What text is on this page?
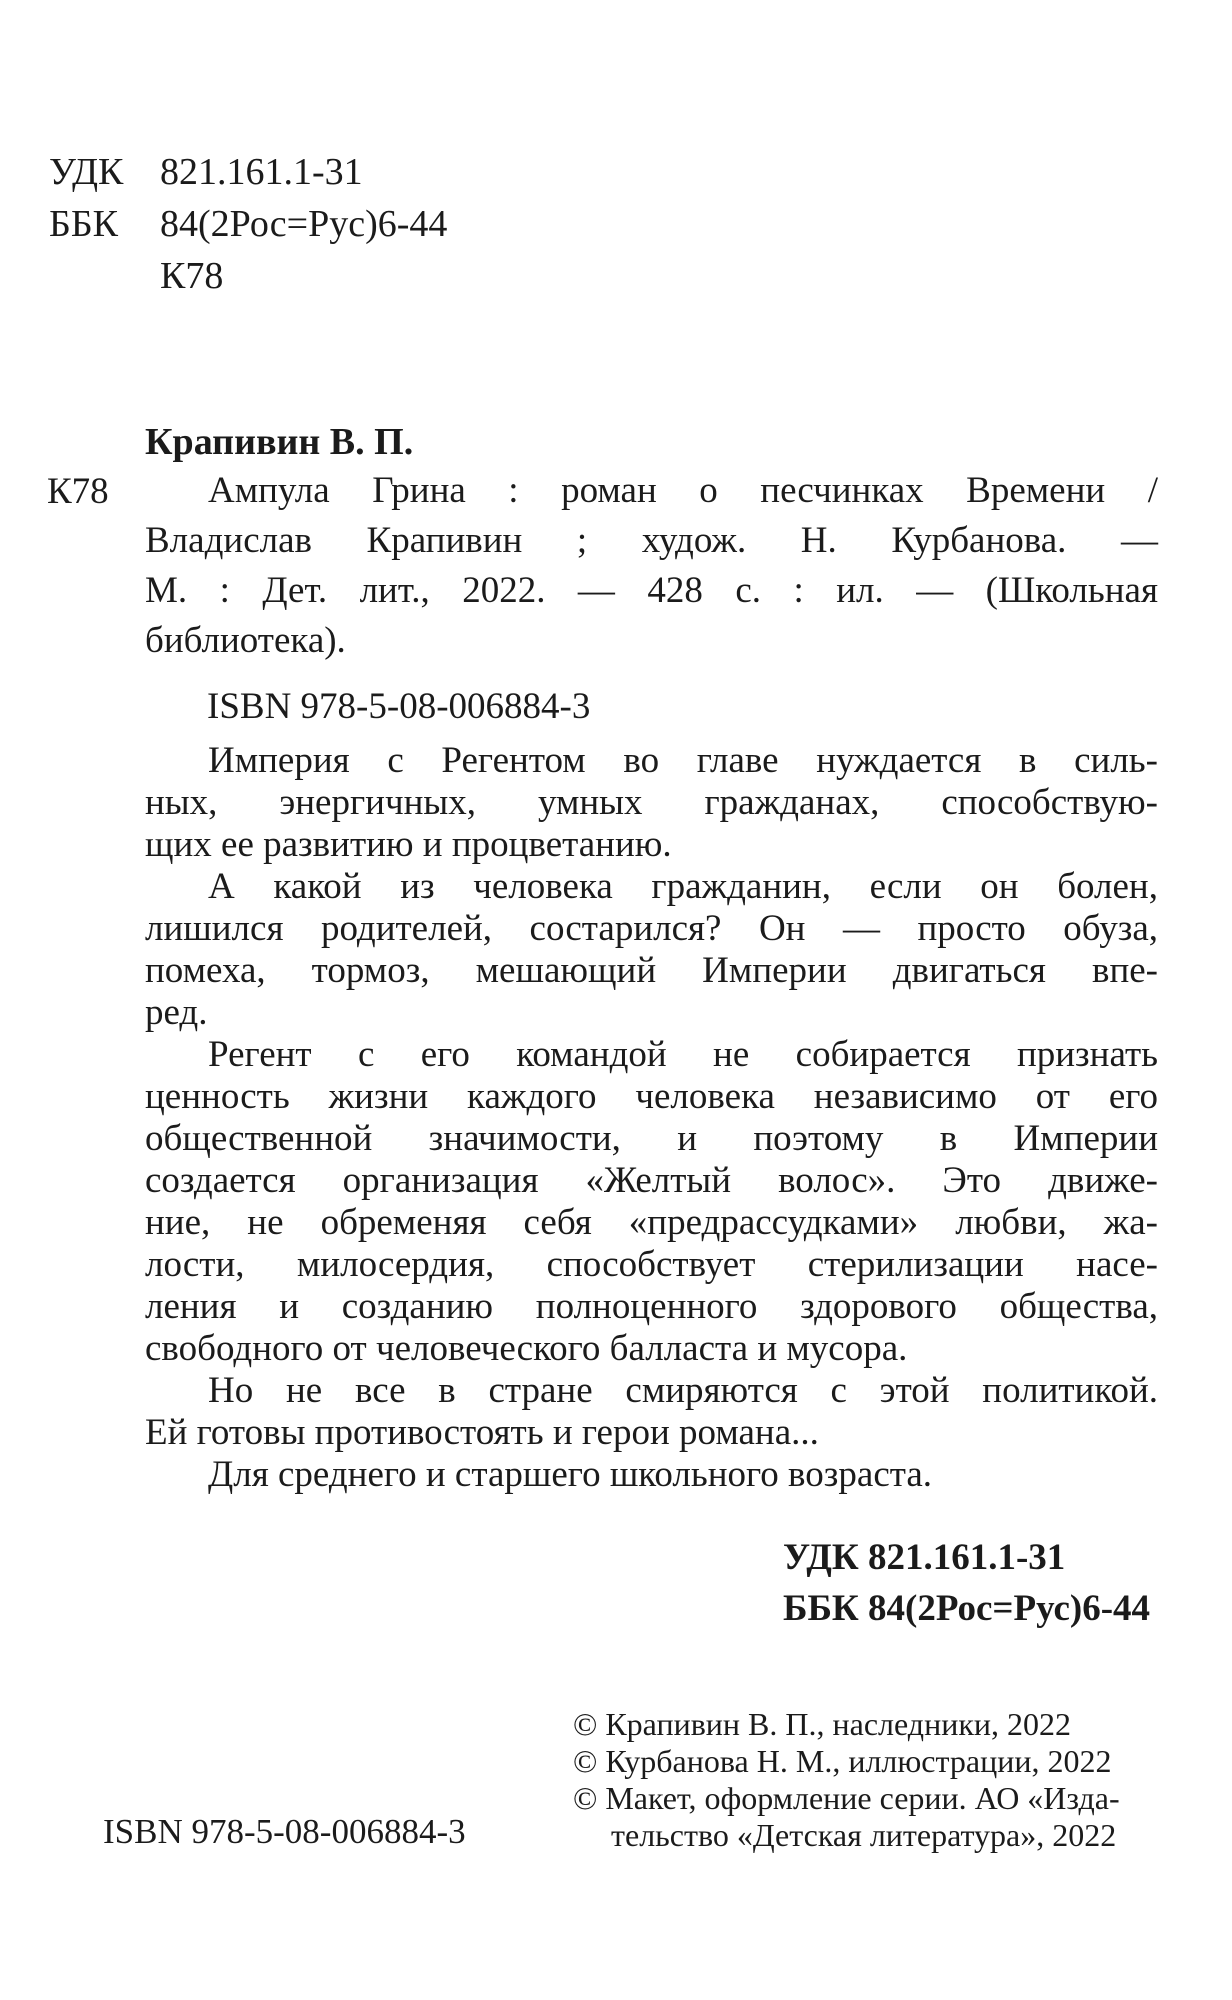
УДК 821.161.1-31
ББК 84(2Рос=Рус)6-44
К78
Крапивин В. П.
К78	Ампула Грина : роман о песчинках Времени /
Владислав Крапивин ; худож. Н. Курбанова. —
М. : Дет. лит., 2022. — 428 с. : ил. — (Школьная
библиотека).
ISBN 978-5-08-006884-3
Империя с Регентом во главе нуждается в силь-
ных, энергичных, умных гражданах, способствую-
щих ее развитию и процветанию.
А какой из человека гражданин, если он болен,
лишился родителей, состарился? Он — просто обуза,
помеха, тормоз, мешающий Империи двигаться впе-
ред.
Регент с его командой не собирается признать
ценность жизни каждого человека независимо от его
общественной значимости, и поэтому в Империи
создается организация «Желтый волос». Это движе-
ние, не обременяя себя «предрассудками» любви, жа-
лости, милосердия, способствует стерилизации насе-
ления и созданию полноценного здорового общества,
свободного от человеческого балласта и мусора.
Но не все в стране смиряются с этой политикой.
Ей готовы противостоять и герои романа...
Для среднего и старшего школьного возраста.
УДК 821.161.1-31
ББК 84(2Рос=Рус)6-44
© Крапивин В. П., наследники, 2022
© Курбанова Н. М., иллюстрации, 2022
© Макет, оформление серии. АО «Изда-
тельство «Детская литература», 2022
ISBN 978-5-08-006884-3
